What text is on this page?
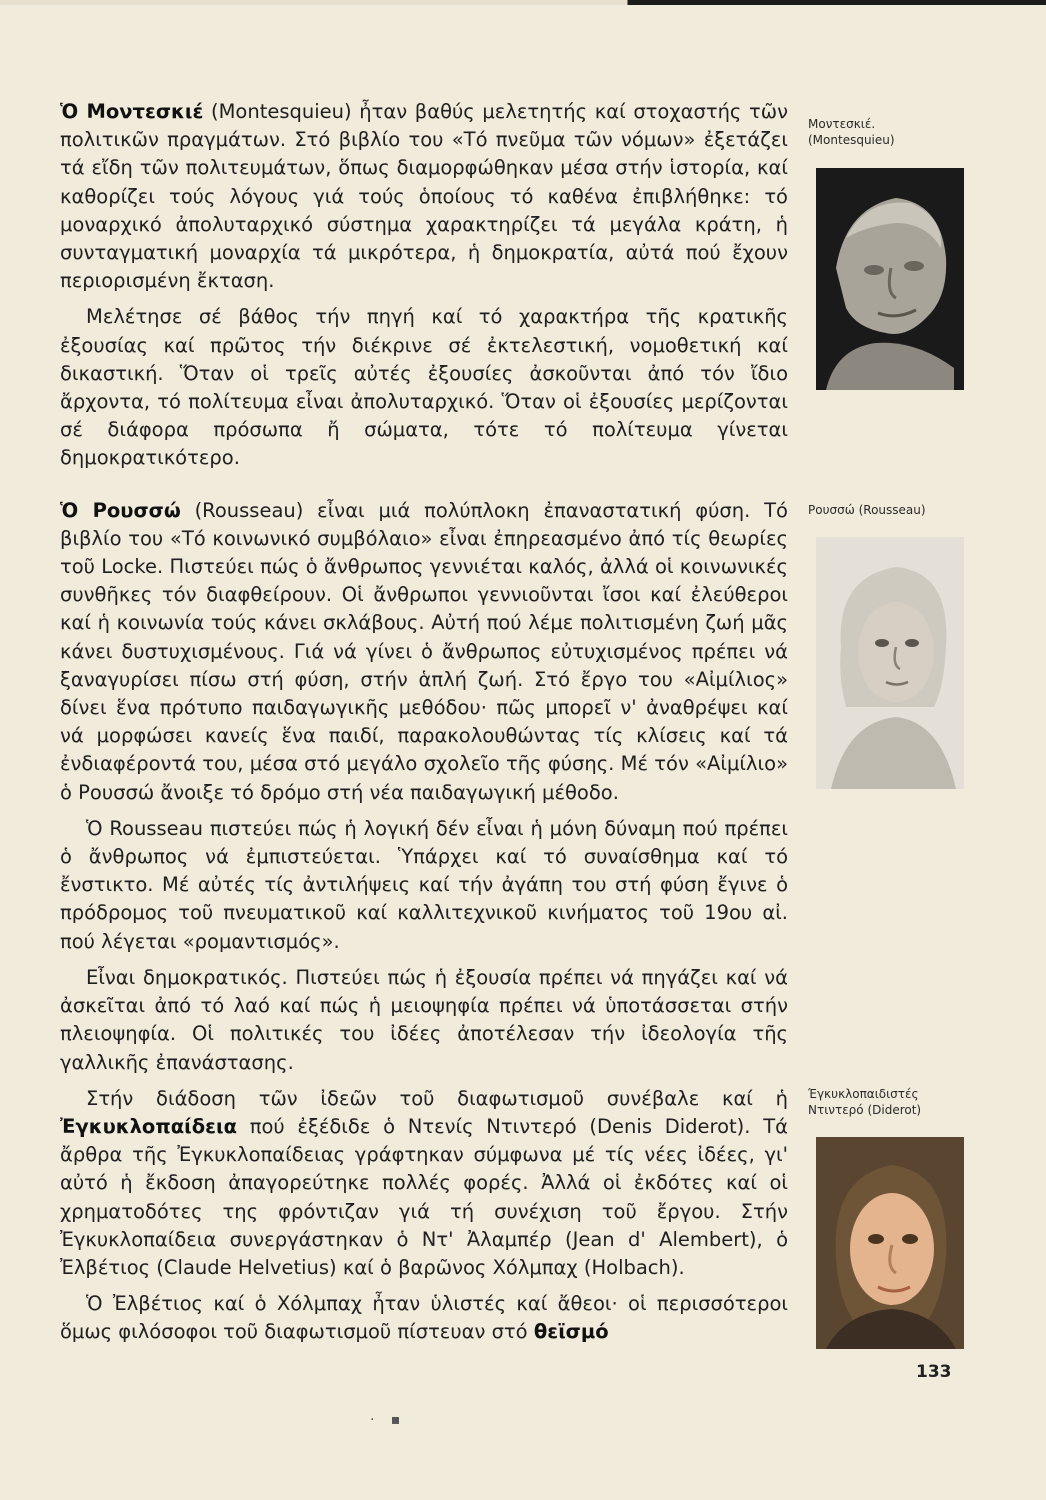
Ὁ Μοντεσκιέ (Montesquieu) ἦταν βαθύς μελετητής καί στοχαστής τῶν πολιτικῶν πραγμάτων. Στό βιβλίο του «Τό πνεῦμα τῶν νόμων» ἐξετάζει τά εἴδη τῶν πολιτευμάτων, ὅπως διαμορφώθηκαν μέσα στήν ἱστορία, καί καθορίζει τούς λόγους γιά τούς ὁποίους τό καθένα ἐπιβλήθηκε: τό μοναρχικό ἀπολυταρχικό σύστημα χαρακτηρίζει τά μεγάλα κράτη, ἡ συνταγματική μοναρχία τά μικρότερα, ἡ δημοκρατία, αὐτά πού ἔχουν περιορισμένη ἔκταση.

Μελέτησε σέ βάθος τήν πηγή καί τό χαρακτήρα τῆς κρατικῆς ἐξουσίας καί πρῶτος τήν διέκρινε σέ ἐκτελεστική, νομοθετική καί δικαστική. Ὅταν οἱ τρεῖς αὐτές ἐξουσίες ἀσκοῦνται ἀπό τόν ἴδιο ἄρχοντα, τό πολίτευμα εἶναι ἀπολυταρχικό. Ὅταν οἱ ἐξουσίες μερίζονται σέ διάφορα πρόσωπα ἤ σώματα, τότε τό πολίτευμα γίνεται δημοκρατικότερο.

Ὁ Ρουσσώ (Rousseau) εἶναι μιά πολύπλοκη ἐπαναστατική φύση. Τό βιβλίο του «Τό κοινωνικό συμβόλαιο» εἶναι ἐπηρεασμένο ἀπό τίς θεωρίες τοῦ Locke. Πιστεύει πώς ὁ ἄνθρωπος γεννιέται καλός, ἀλλά οἱ κοινωνικές συνθῆκες τόν διαφθείρουν. Οἱ ἄνθρωποι γεννιοῦνται ἴσοι καί ἐλεύθεροι καί ἡ κοινωνία τούς κάνει σκλάβους. Αὐτή πού λέμε πολιτισμένη ζωή μᾶς κάνει δυστυχισμένους. Γιά νά γίνει ὁ ἄνθρωπος εὐτυχισμένος πρέπει νά ξαναγυρίσει πίσω στή φύση, στήν ἁπλή ζωή. Στό ἔργο του «Αἰμίλιος» δίνει ἕνα πρότυπο παιδαγωγικῆς μεθόδου· πῶς μπορεῖ ν' ἀναθρέψει καί νά μορφώσει κανείς ἕνα παιδί, παρακολουθώντας τίς κλίσεις καί τά ἐνδιαφέροντά του, μέσα στό μεγάλο σχολεῖο τῆς φύσης. Μέ τόν «Αἰμίλιο» ὁ Ρουσσώ ἄνοιξε τό δρόμο στή νέα παιδαγωγική μέθοδο.

Ὁ Rousseau πιστεύει πώς ἡ λογική δέν εἶναι ἡ μόνη δύναμη πού πρέπει ὁ ἄνθρωπος νά ἐμπιστεύεται. Ὑπάρχει καί τό συναίσθημα καί τό ἔνστικτο. Μέ αὐτές τίς ἀντιλήψεις καί τήν ἀγάπη του στή φύση ἔγινε ὁ πρόδρομος τοῦ πνευματικοῦ καί καλλιτεχνικοῦ κινήματος τοῦ 19ου αἰ. πού λέγεται «ρομαντισμός».

Εἶναι δημοκρατικός. Πιστεύει πώς ἡ ἐξουσία πρέπει νά πηγάζει καί νά ἀσκεῖται ἀπό τό λαό καί πώς ἡ μειοψηφία πρέπει νά ὑποτάσσεται στήν πλειοψηφία. Οἱ πολιτικές του ἰδέες ἀποτέλεσαν τήν ἰδεολογία τῆς γαλλικῆς ἐπανάστασης.

Στήν διάδοση τῶν ἰδεῶν τοῦ διαφωτισμοῦ συνέβαλε καί ἡ Ἐγκυκλοπαίδεια πού ἐξέδιδε ὁ Ντενίς Ντιντερό (Denis Diderot). Τά ἄρθρα τῆς Ἐγκυκλοπαίδειας γράφτηκαν σύμφωνα μέ τίς νέες ἰδέες, γι' αὐτό ἡ ἔκδοση ἀπαγορεύτηκε πολλές φορές. Ἀλλά οἱ ἐκδότες καί οἱ χρηματοδότες της φρόντιζαν γιά τή συνέχιση τοῦ ἔργου. Στήν Ἐγκυκλοπαίδεια συνεργάστηκαν ὁ Ντ' Ἀλαμπέρ (Jean d' Alembert), ὁ Ἐλβέτιος (Claude Helvetius) καί ὁ βαρῶνος Χόλμπαχ (Holbach).

Ὁ Ἐλβέτιος καί ὁ Χόλμπαχ ἦταν ὑλιστές καί ἄθεοι· οἱ περισσότεροι ὅμως φιλόσοφοι τοῦ διαφωτισμοῦ πίστευαν στό θεϊσμό

Μοντεσκιέ.
(Montesquieu)
Ρουσσώ (Rousseau)
Έγκυκλοπαιδιστές
Ντιντερό (Diderot)
133
· ▪
